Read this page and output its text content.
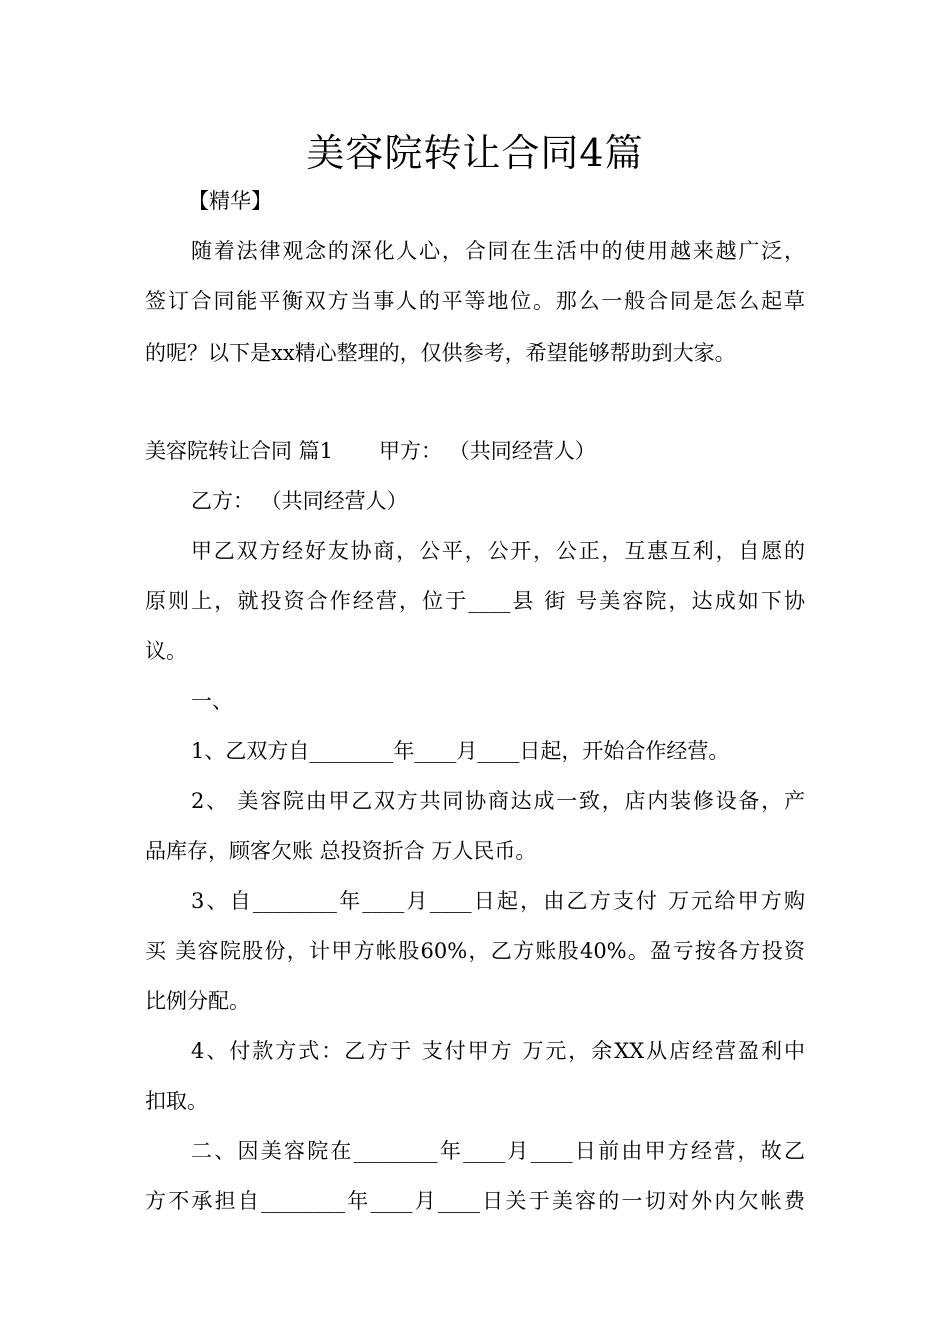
美容院转让合同4篇
【精华】
随着法律观念的深化人心，合同在生活中的使用越来越广泛，
签订合同能平衡双方当事人的平等地位。那么一般合同是怎么起草
的呢？以下是xx精心整理的，仅供参考，希望能够帮助到大家。
美容院转让合同 篇1 甲方： （共同经营人）
乙方： （共同经营人）
甲乙双方经好友协商，公平，公开，公正，互惠互利，自愿的
原则上，就投资合作经营，位于____县 街 号美容院，达成如下协
议。
一、
1、乙双方自________年____月____日起，开始合作经营。
2、 美容院由甲乙双方共同协商达成一致，店内装修设备，产
品库存，顾客欠账 总投资折合 万人民币。
3、自________年____月____日起，由乙方支付 万元给甲方购
买 美容院股份，计甲方帐股60%，乙方账股40%。盈亏按各方投资
比例分配。
4、付款方式：乙方于 支付甲方 万元，余XX从店经营盈利中
扣取。
二、因美容院在________年____月____日前由甲方经营，故乙
方不承担自________年____月____日关于美容的一切对外内欠帐费
